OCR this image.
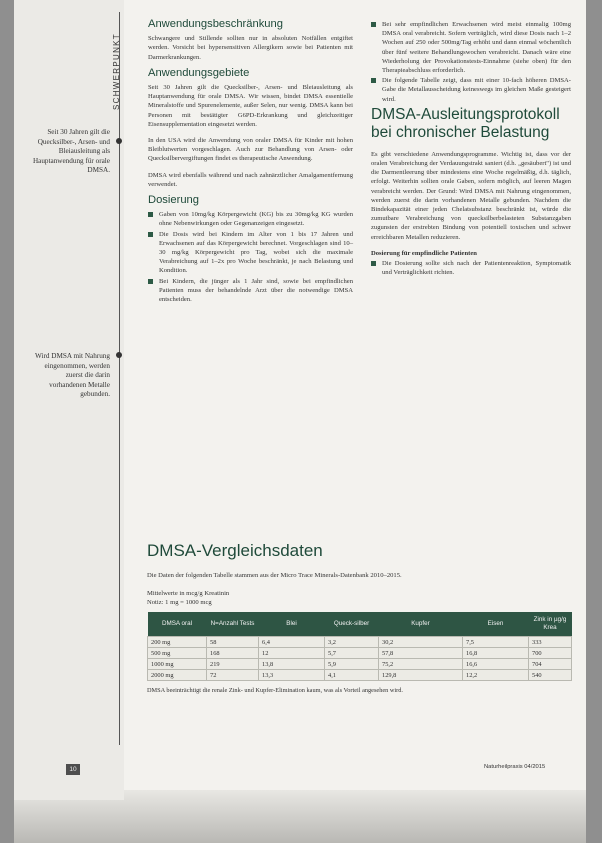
SCHWERPUNKT
Seit 30 Jahren gilt die Quecksilber-, Arsen- und Bleiausleitung als Hauptanwendung für orale DMSA.
Wird DMSA mit Nahrung eingenommen, werden zuerst die darin vorhandenen Metalle gebunden.
Anwendungsbeschränkung

Schwangere und Stillende sollten nur in absoluten Notfällen entgiftet werden. Vorsicht bei hypersensitiven Allergikern sowie bei Patienten mit Darmerkrankungen.

Anwendungsgebiete

Seit 30 Jahren gilt die Quecksilber-, Arsen- und Bleiausleitung als Hauptanwendung für orale DMSA. Wir wissen, bindet DMSA essentielle Mineralstoffe und Spurenelemente, außer Selen, nur wenig. DMSA kann bei Personen mit bestätigter G6PD-Erkrankung und gleichzeitiger Eisensupplementation eingesetzt werden.

In den USA wird die Anwendung von oraler DMSA für Kinder mit hohen Bleiblutwerten vorgeschlagen. Auch zur Behandlung von Arsen- oder Quecksilbervergiftungen findet es therapeutische Anwendung.

DMSA wird ebenfalls während und nach zahnärztlicher Amalgamentfernung verwendet.

Dosierung
Gaben von 10mg/kg Körpergewicht (KG) bis zu 30mg/kg KG wurden ohne Nebenwirkungen oder Gegenanzeigen eingesetzt.
Die Dosis wird bei Kindern im Alter von 1 bis 17 Jahren und Erwachsenen auf das Körpergewicht berechnet. Vorgeschlagen sind 10–30 mg/kg Körpergewicht pro Tag, wobei sich die maximale Verabreichung auf 1–2x pro Woche beschränkt, je nach Belastung und Kondition.
Bei Kindern, die jünger als 1 Jahr sind, sowie bei empfindlichen Patienten muss der behandelnde Arzt über die notwendige DMSA entscheiden.
Bei sehr empfindlichen Erwachsenen wird meist einmalig 100mg DMSA oral verabreicht. Sofern verträglich, wird diese Dosis nach 1–2 Wochen auf 250 oder 500mg/Tag erhöht und dann einmal wöchentlich über fünf weitere Behandlungswochen verabreicht. Danach wäre eine Wiederholung der Provokationstests-Einnahme (siehe oben) für den Therapieabschluss erforderlich.
Die folgende Tabelle zeigt, dass mit einer 10-fach höheren DMSA-Gabe die Metallausscheidung keineswegs im gleichen Maße gesteigert wird.
DMSA-Ausleitungsprotokoll bei chronischer Belastung

Es gibt verschiedene Anwendungsprogramme. Wichtig ist, dass vor der oralen Verabreichung der Verdauungstrakt saniert (d.h. „gesäubert") ist und die Darmentleerung über mindestens eine Woche regelmäßig, d.h. täglich, erfolgt. Weiterhin sollten orale Gaben, sofern möglich, auf leeren Magen verabreicht werden. Der Grund: Wird DMSA mit Nahrung eingenommen, werden zuerst die darin vorhandenen Metalle gebunden. Nachdem die Bindekapazität einer jeden Chelatsubstanz beschränkt ist, würde die zumutbare Verabreichung von quecksilberbelasteten Substanzgaben zugunsten der erstrebten Bindung von potentiell toxischen und schwer erreichbaren Metallen reduzieren.

Dosierung für empfindliche Patienten
Die Dosierung sollte sich nach der Patientenreaktion, Symptomatik und Verträglichkeit richten.
DMSA-Vergleichsdaten
Die Daten der folgenden Tabelle stammen aus der Micro Trace Minerals-Datenbank 2010–2015.
Mittelwerte in mcg/g Kreatinin
Notiz: 1 mg = 1000 mcg
DMSA oral	N=Anzahl Tests	Blei	Queck-silber	Kupfer	Eisen	Zink in µg/g Krea
200 mg	58	6,4	3,2	30,2	7,5	333
500 mg	168	12	5,7	57,8	16,8	700
1000 mg	219	13,8	5,9	75,2	16,6	704
2000 mg	72	13,3	4,1	129,8	12,2	540
DMSA beeinträchtigt die renale Zink- und Kupfer-Elimination kaum, was als Vorteil angesehen wird.
10	Naturheilpraxis 04/2015
